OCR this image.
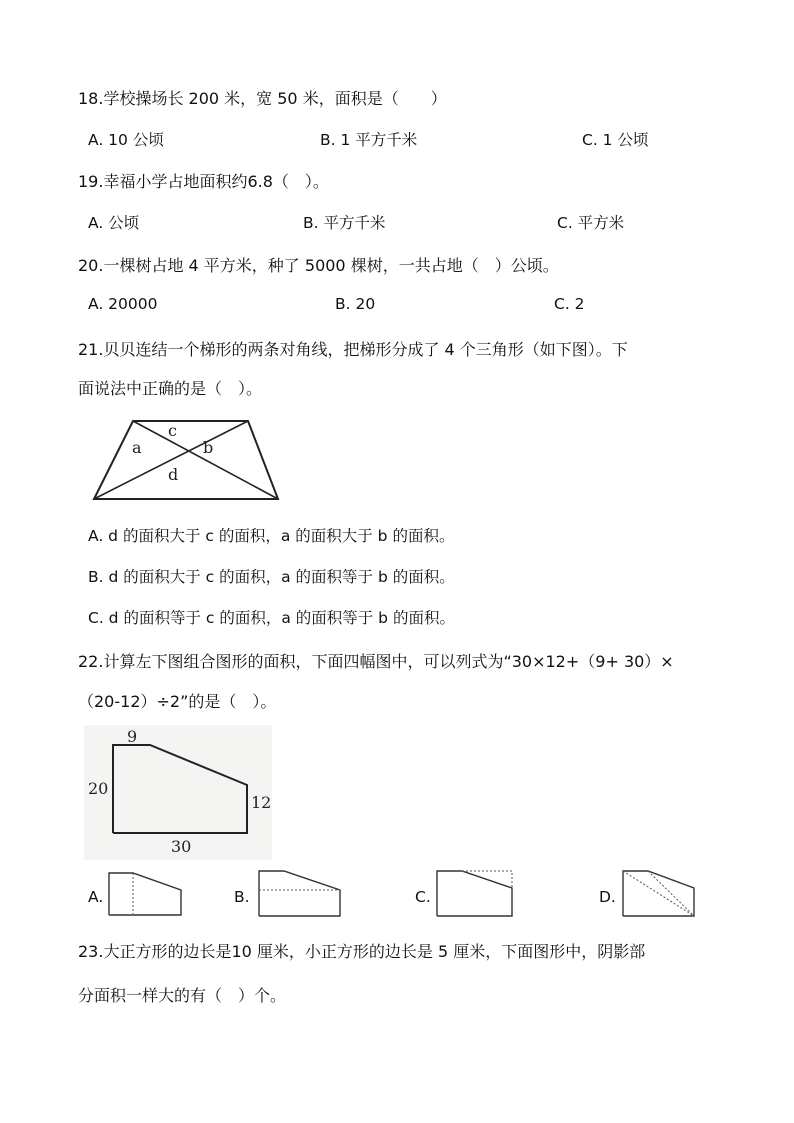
18.学校操场长 200 米，宽 50 米，面积是（　　）
A. 10 公顷	B. 1 平方千米	C. 1 公顷
19.幸福小学占地面积约6.8（　）。
A. 公顷	B. 平方千米	C. 平方米
20.一棵树占地 4 平方米，种了 5000 棵树，一共占地（　）公顷。
A. 20000	B. 20	C. 2
21.贝贝连结一个梯形的两条对角线，把梯形分成了 4 个三角形（如下图）。下
面说法中正确的是（　）。
c
a	b
d
A. d 的面积大于 c 的面积，a 的面积大于 b 的面积。
B. d 的面积大于 c 的面积，a 的面积等于 b 的面积。
C. d 的面积等于 c 的面积，a 的面积等于 b 的面积。
22.计算左下图组合图形的面积，下面四幅图中，可以列式为“30×12+（9+ 30）×
（20-12）÷2”的是（　）。
9
20
12
30
A.	B.	C.	D.
23.大正方形的边长是10 厘米，小正方形的边长是 5 厘米，下面图形中，阴影部
分面积一样大的有（　）个。
